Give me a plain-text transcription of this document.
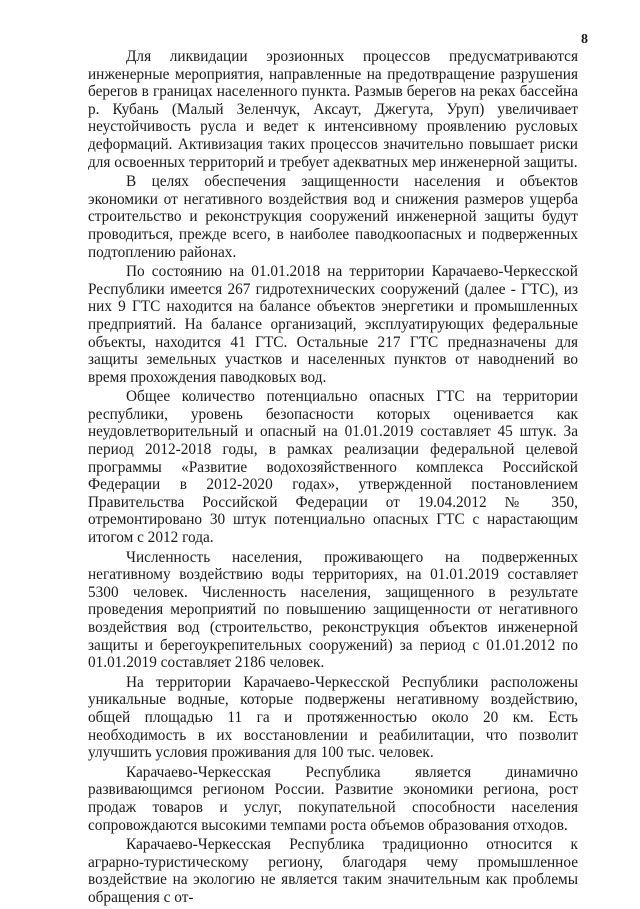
8

Для ликвидации эрозионных процессов предусматриваются инженерные мероприятия, направленные на предотвращение разрушения берегов в границах населенного пункта. Размыв берегов на реках бассейна р. Кубань (Малый Зеленчук, Аксаут, Джегута, Уруп) увеличивает неустойчивость русла и ведет к интенсивному проявлению русловых деформаций. Активизация таких процессов значительно повышает риски для освоенных территорий и требует адекватных мер инженерной защиты.

В целях обеспечения защищенности населения и объектов экономики от негативного воздействия вод и снижения размеров ущерба строительство и реконструкция сооружений инженерной защиты будут проводиться, прежде всего, в наиболее паводкоопасных и подверженных подтоплению районах.

По состоянию на 01.01.2018 на территории Карачаево-Черкесской Республики имеется 267 гидротехнических сооружений (далее - ГТС), из них 9 ГТС находится на балансе объектов энергетики и промышленных предприятий. На балансе организаций, эксплуатирующих федеральные объекты, находится 41 ГТС. Остальные 217 ГТС предназначены для защиты земельных участков и населенных пунктов от наводнений во время прохождения паводковых вод.

Общее количество потенциально опасных ГТС на территории республики, уровень безопасности которых оценивается как неудовлетворительный и опасный на 01.01.2019 составляет 45 штук. За период 2012-2018 годы, в рамках реализации федеральной целевой программы «Развитие водохозяйственного комплекса Российской Федерации в 2012-2020 годах», утвержденной постановлением Правительства Российской Федерации от 19.04.2012 № 350, отремонтировано 30 штук потенциально опасных ГТС с нарастающим итогом с 2012 года.

Численность населения, проживающего на подверженных негативному воздействию воды территориях, на 01.01.2019 составляет 5300 человек. Численность населения, защищенного в результате проведения мероприятий по повышению защищенности от негативного воздействия вод (строительство, реконструкция объектов инженерной защиты и берегоукрепительных сооружений) за период с 01.01.2012 по 01.01.2019 составляет 2186 человек.

На территории Карачаево-Черкесской Республики расположены уникальные водные, которые подвержены негативному воздействию, общей площадью 11 га и протяженностью около 20 км. Есть необходимость в их восстановлении и реабилитации, что позволит улучшить условия проживания для 100 тыс. человек.

Карачаево-Черкесская Республика является динамично развивающимся регионом России. Развитие экономики региона, рост продаж товаров и услуг, покупательной способности населения сопровождаются высокими темпами роста объемов образования отходов.

Карачаево-Черкесская Республика традиционно относится к аграрно-туристическому региону, благодаря чему промышленное воздействие на экологию не является таким значительным как проблемы обращения с от-
